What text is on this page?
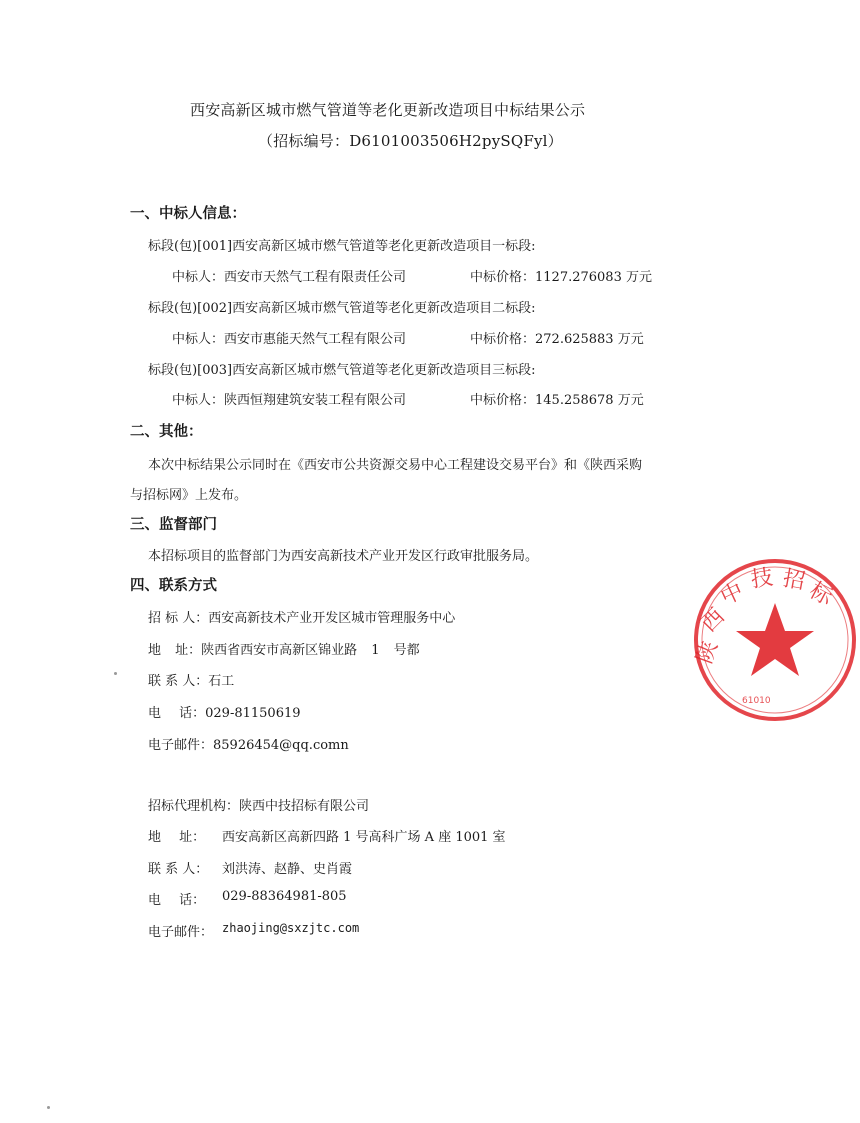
西安高新区城市燃气管道等老化更新改造项目中标结果公示
（招标编号：D6101003506H2pySQFyl）
一、中标人信息：
标段(包)[001]西安高新区城市燃气管道等老化更新改造项目一标段:
中标人：西安市天然气工程有限责任公司	中标价格：1127.276083 万元
标段(包)[002]西安高新区城市燃气管道等老化更新改造项目二标段:
中标人：西安市惠能天然气工程有限公司	中标价格：272.625883 万元
标段(包)[003]西安高新区城市燃气管道等老化更新改造项目三标段:
中标人：陕西恒翔建筑安装工程有限公司	中标价格：145.258678 万元
二、其他：
本次中标结果公示同时在《西安市公共资源交易中心工程建设交易平台》和《陕西采购
与招标网》上发布。
三、监督部门
本招标项目的监督部门为西安高新技术产业开发区行政审批服务局。
四、联系方式
招 标 人：西安高新技术产业开发区城市管理服务中心
地 址：陕西省西安市高新区锦业路 1 号都
联 系 人：石工
电 话：029-81150619
电子邮件：85926454@qq.comn
招标代理机构：陕西中技招标有限公司
地 址： 西安高新区高新四路 1 号高科广场 A 座 1001 室
联 系 人： 刘洪涛、赵静、史肖霞
电 话： 029-88364981-805
电子邮件： zhaojing@sxzjtc.com
陕
西
中 技 招
标
61010
